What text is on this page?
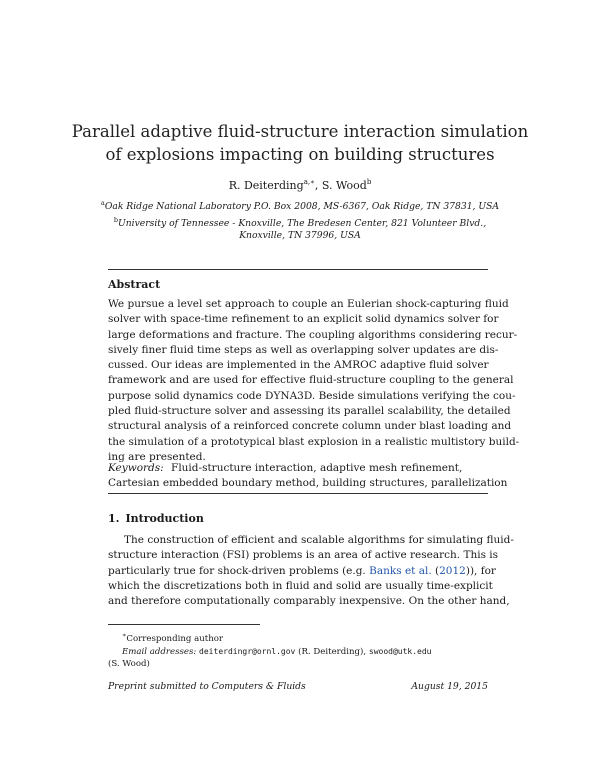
Parallel adaptive fluid-structure interaction simulation
of explosions impacting on building structures
R. Deiterding$^{a,∗}$, S. Wood$^b$
$^a$Oak Ridge National Laboratory P.O. Box 2008, MS-6367, Oak Ridge, TN 37831, USA
$^b$University of Tennessee - Knoxville, The Bredesen Center, 821 Volunteer Blvd.,
Knoxville, TN 37996, USA
Abstract
We pursue a level set approach to couple an Eulerian shock-capturing fluid
solver with space-time refinement to an explicit solid dynamics solver for
large deformations and fracture. The coupling algorithms considering recur-
sively finer fluid time steps as well as overlapping solver updates are dis-
cussed. Our ideas are implemented in the AMROC adaptive fluid solver
framework and are used for effective fluid-structure coupling to the general
purpose solid dynamics code DYNA3D. Beside simulations verifying the cou-
pled fluid-structure solver and assessing its parallel scalability, the detailed
structural analysis of a reinforced concrete column under blast loading and
the simulation of a prototypical blast explosion in a realistic multistory build-
ing are presented.
Keywords: Fluid-structure interaction, adaptive mesh refinement,
Cartesian embedded boundary method, building structures, parallelization
1. Introduction
The construction of efficient and scalable algorithms for simulating fluid-
structure interaction (FSI) problems is an area of active research. This is
particularly true for shock-driven problems (e.g. Banks et al. (2012)), for
which the discretizations both in fluid and solid are usually time-explicit
and therefore computationally comparably inexpensive. On the other hand,
∗Corresponding author
Email addresses: deiterdingr@ornl.gov (R. Deiterding), swood@utk.edu
(S. Wood)
Preprint submitted to Computers & Fluids	August 19, 2015
